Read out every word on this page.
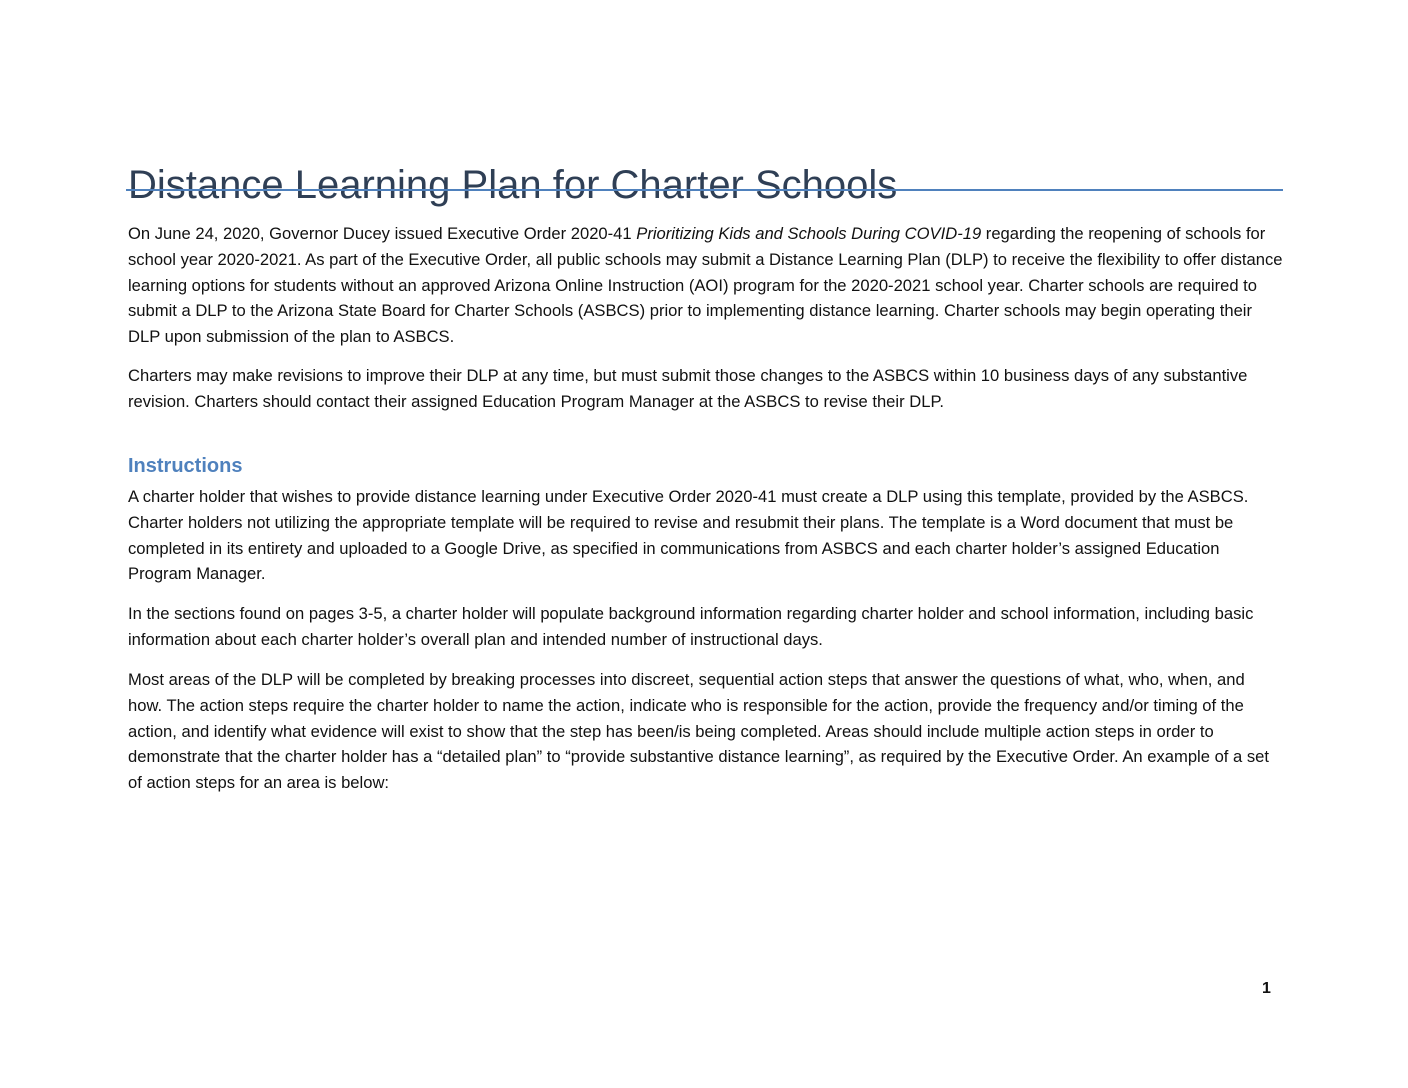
Distance Learning Plan for Charter Schools

On June 24, 2020, Governor Ducey issued Executive Order 2020-41 Prioritizing Kids and Schools During COVID-19 regarding the reopening of schools for school year 2020-2021. As part of the Executive Order, all public schools may submit a Distance Learning Plan (DLP) to receive the flexibility to offer distance learning options for students without an approved Arizona Online Instruction (AOI) program for the 2020-2021 school year. Charter schools are required to submit a DLP to the Arizona State Board for Charter Schools (ASBCS) prior to implementing distance learning. Charter schools may begin operating their DLP upon submission of the plan to ASBCS.

Charters may make revisions to improve their DLP at any time, but must submit those changes to the ASBCS within 10 business days of any substantive revision. Charters should contact their assigned Education Program Manager at the ASBCS to revise their DLP.

Instructions

A charter holder that wishes to provide distance learning under Executive Order 2020-41 must create a DLP using this template, provided by the ASBCS. Charter holders not utilizing the appropriate template will be required to revise and resubmit their plans. The template is a Word document that must be completed in its entirety and uploaded to a Google Drive, as specified in communications from ASBCS and each charter holder’s assigned Education Program Manager.

In the sections found on pages 3-5, a charter holder will populate background information regarding charter holder and school information, including basic information about each charter holder’s overall plan and intended number of instructional days.

Most areas of the DLP will be completed by breaking processes into discreet, sequential action steps that answer the questions of what, who, when, and how. The action steps require the charter holder to name the action, indicate who is responsible for the action, provide the frequency and/or timing of the action, and identify what evidence will exist to show that the step has been/is being completed. Areas should include multiple action steps in order to demonstrate that the charter holder has a “detailed plan” to “provide substantive distance learning”, as required by the Executive Order. An example of a set of action steps for an area is below:

1
